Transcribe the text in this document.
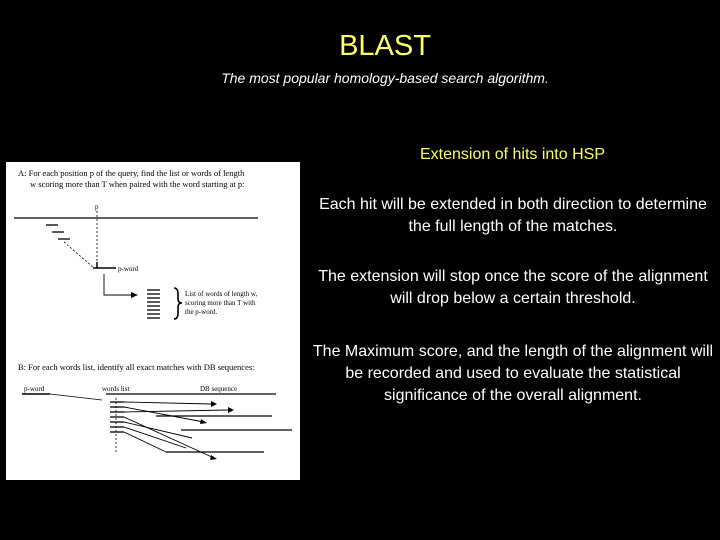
BLAST
The most popular homology-based search algorithm.
Extension of hits into HSP
Each hit will be extended in both direction to determine the full length of the matches.
The extension will stop once the score of the alignment will drop below a certain threshold.
The Maximum score, and the length of the alignment will be recorded and used to evaluate the statistical significance of the overall alignment.
A: For each position p of the query, find the list or words of length
w scoring more than T when paired with the word starting at p:
p
p-word
List of words of length w,
scoring more than T with
the p-word.
B: For each words list, identify all exact matches with DB sequences:
p-word	words list	DB sequence
